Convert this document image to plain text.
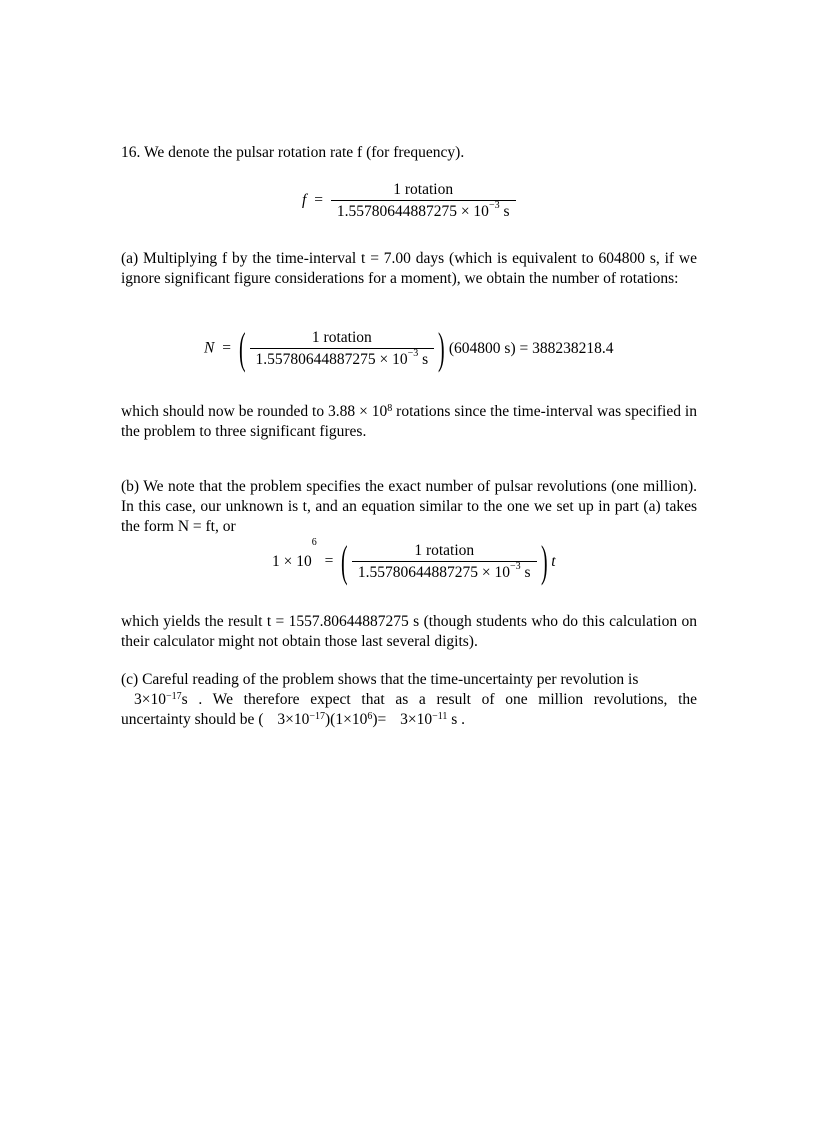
16. We denote the pulsar rotation rate f (for frequency).
$f = \frac{\text{1 rotation}}{1.55780644887275 \times 10^{-3} s}$
(a) Multiplying f by the time-interval t = 7.00 days (which is equivalent to 604800 s, if we ignore significant figure considerations for a moment), we obtain the number of rotations:
N = ( $\frac{\text{1 rotation}}{1.55780644887275 \times 10^{-3} s}$ ) (604800 s) = 388238218.4
which should now be rounded to $3.88 \times 10^8$ rotations since the time-interval was specified in the problem to three significant figures.
(b) We note that the problem specifies the exact number of pulsar revolutions (one million). In this case, our unknown is t, and an equation similar to the one we set up in part (a) takes the form N = ft, or
$1 \times 10^6$ = ( $\frac{\text{1 rotation}}{1.55780644887275 \times 10^{-3} s}$ ) t
which yields the result t = 1557.80644887275 s (though students who do this calculation on their calculator might not obtain those last several digits).
(c) Careful reading of the problem shows that the time-uncertainty per revolution is
$3\times 10^{-17}s$ . We therefore expect that as a result of one million revolutions, the
uncertainty should be ( $3\times 10^{-17})(1\times 10^6)= 3\times 10^{-11}$ s .
